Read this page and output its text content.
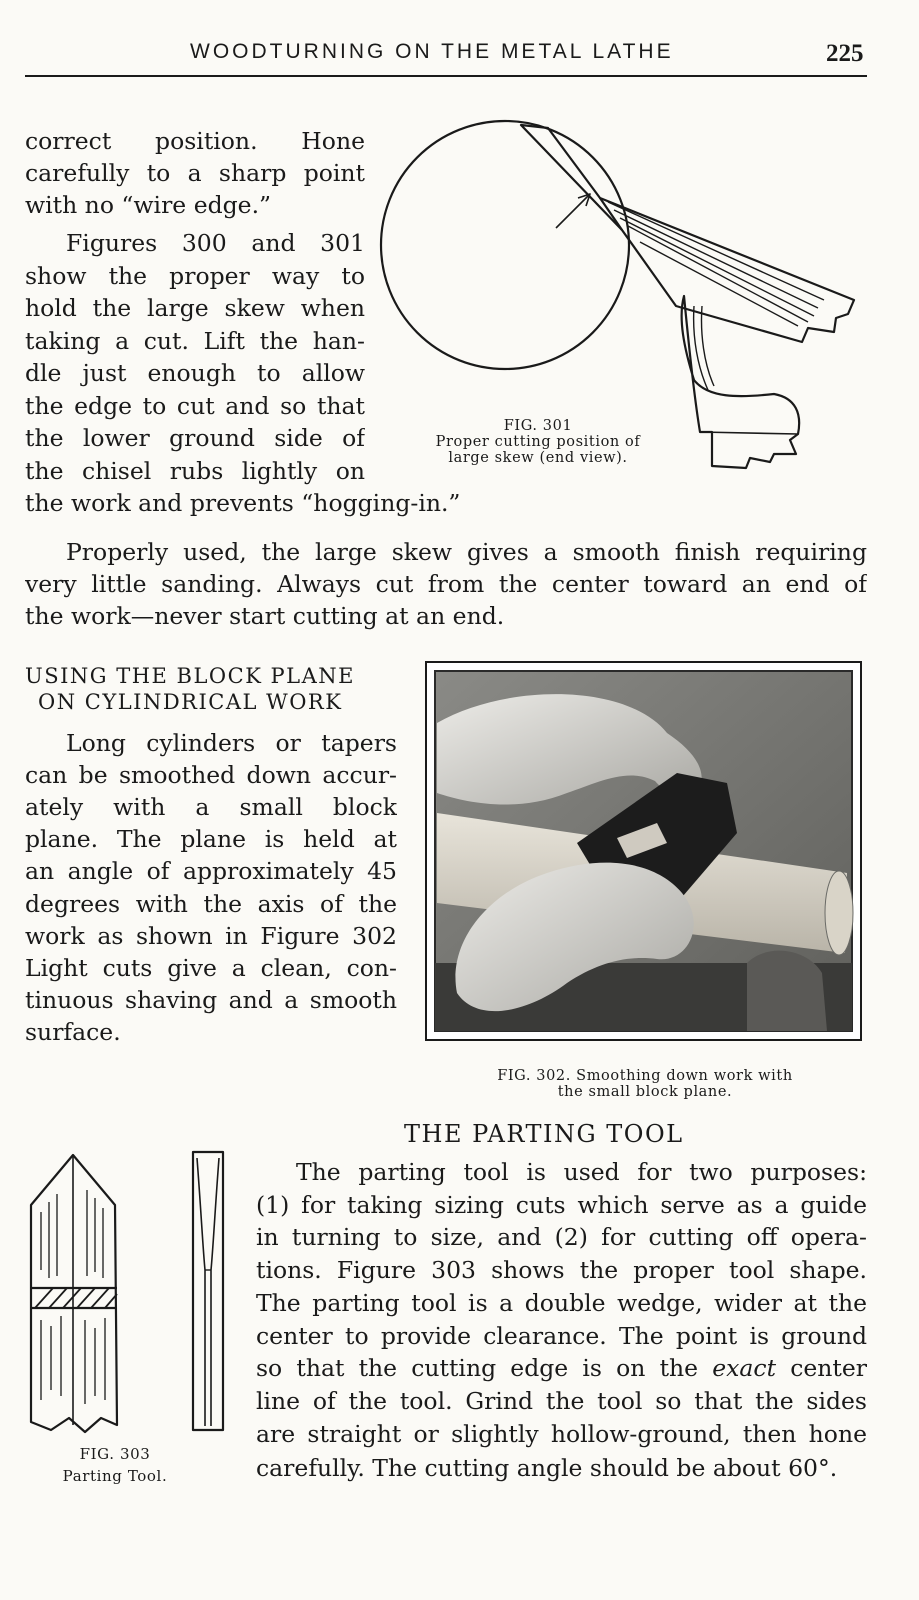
WOODTURNING ON THE METAL LATHE	225
correct position. Hone
carefully to a sharp point
with no “wire edge.”
Figures 300 and 301
show the proper way to
hold the large skew when
taking a cut. Lift the han-
dle just enough to allow
the edge to cut and so that
the lower ground side of
the chisel rubs lightly on
the work and prevents “hogging-in.”
FIG. 301
Proper cutting position of
large skew (end view).
Properly used, the large skew gives a smooth finish requiring
very little sanding. Always cut from the center toward an end of
the work—never start cutting at an end.
USING THE BLOCK PLANE
ON CYLINDRICAL WORK
Long cylinders or tapers
can be smoothed down accur-
ately with a small block
plane. The plane is held at
an angle of approximately 45
degrees with the axis of the
work as shown in Figure 302
Light cuts give a clean, con-
tinuous shaving and a smooth
surface.
FIG. 302. Smoothing down work with
the small block plane.
THE PARTING TOOL
The parting tool is used for two purposes:
(1) for taking sizing cuts which serve as a guide
in turning to size, and (2) for cutting off opera-
tions. Figure 303 shows the proper tool shape.
The parting tool is a double wedge, wider at the
center to provide clearance. The point is ground
so that the cutting edge is on the exact center
line of the tool. Grind the tool so that the sides
are straight or slightly hollow-ground, then hone
carefully. The cutting angle should be about 60°.
FIG. 303
Parting Tool.
